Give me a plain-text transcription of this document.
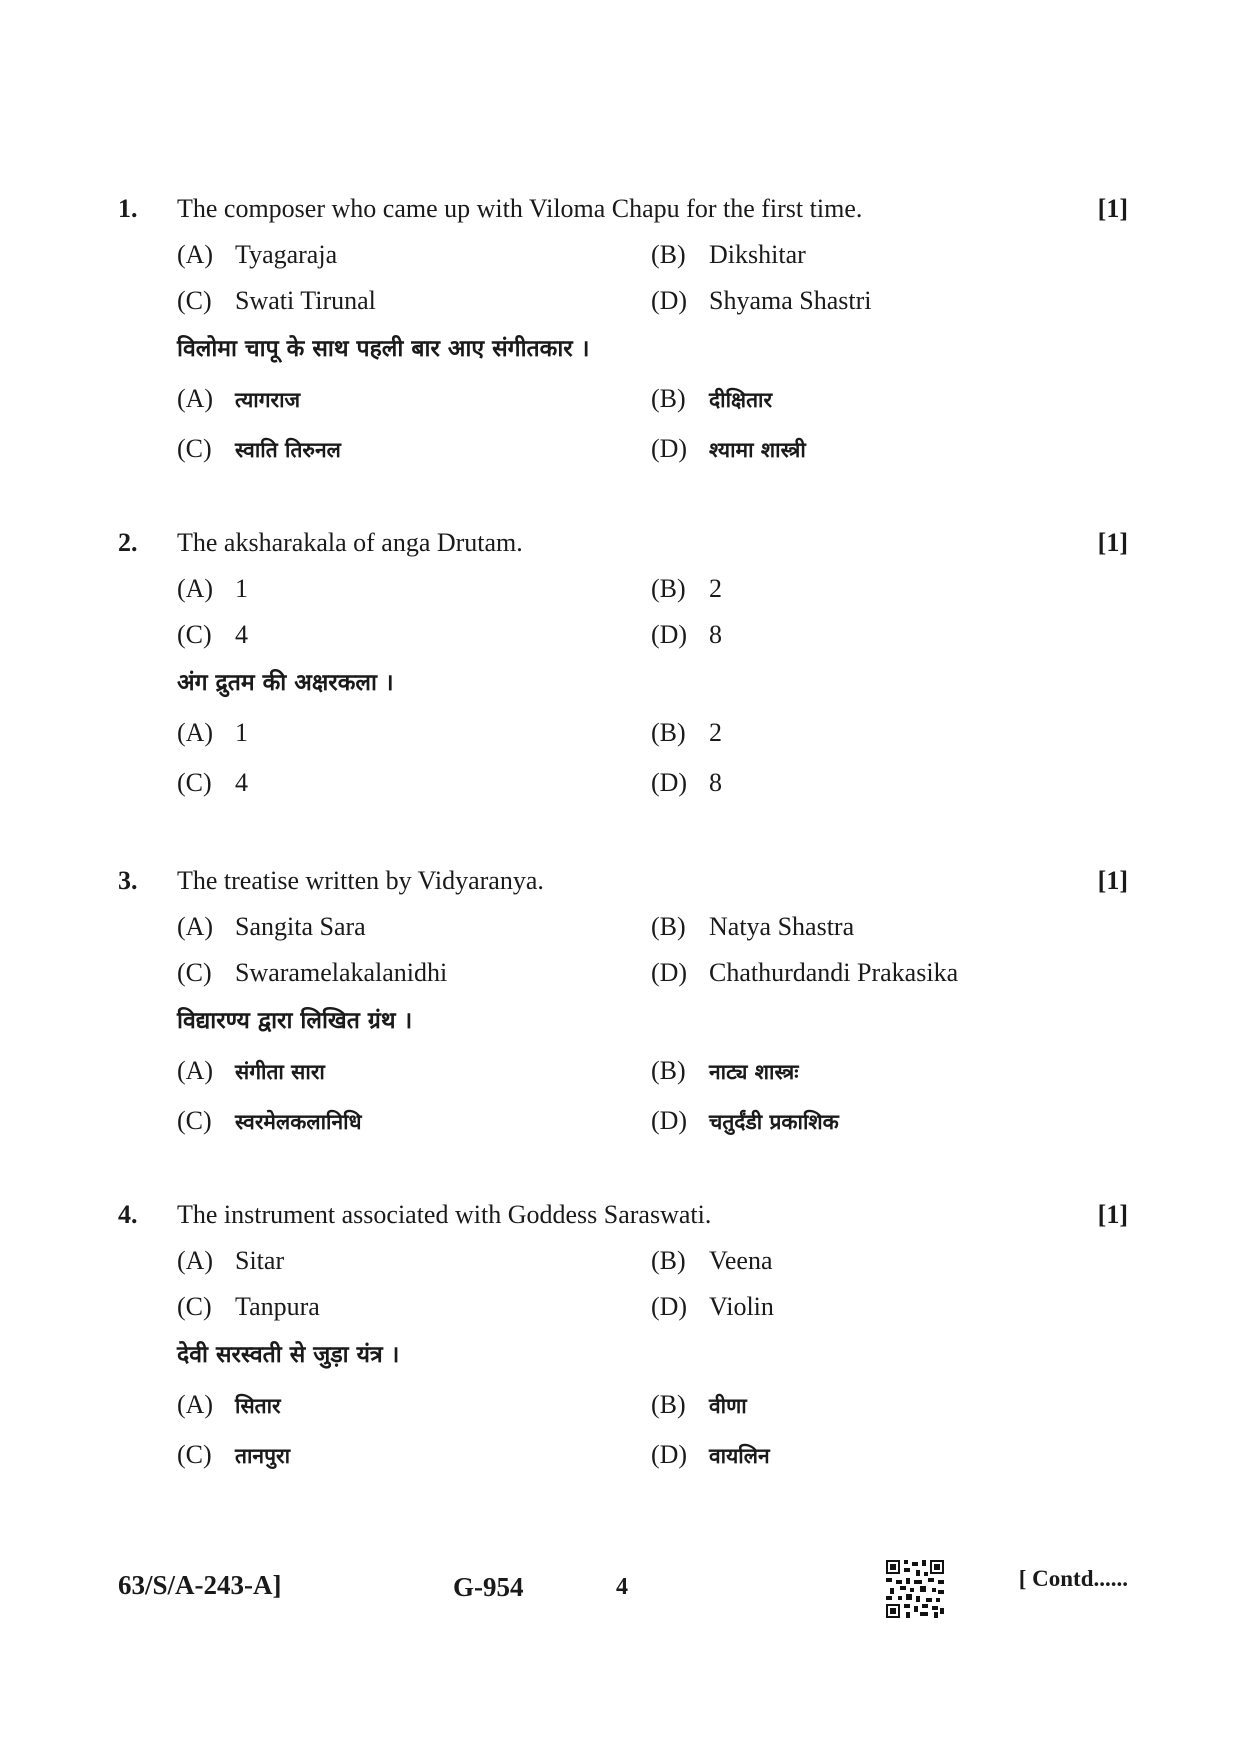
1. The composer who came up with Viloma Chapu for the first time.	[1]
(A) Tyagaraja	(B) Dikshitar
(C) Swati Tirunal	(D) Shyama Shastri
विलोमा चापू के साथ पहली बार आए संगीतकार ।
(A) त्यागराज	(B) दीक्षितार
(C) स्वाति तिरुनल	(D) श्यामा शास्त्री
2. The aksharakala of anga Drutam.	[1]
(A) 1	(B) 2
(C) 4	(D) 8
अंग द्रुतम की अक्षरकला ।
(A) 1	(B) 2
(C) 4	(D) 8
3. The treatise written by Vidyaranya.	[1]
(A) Sangita Sara	(B) Natya Shastra
(C) Swaramelakalanidhi	(D) Chathurdandi Prakasika
विद्यारण्य द्वारा लिखित ग्रंथ ।
(A) संगीता सारा	(B) नाट्य शास्त्रः
(C) स्वरमेलकलानिधि	(D) चतुर्दंडी प्रकाशिक
4. The instrument associated with Goddess Saraswati.	[1]
(A) Sitar	(B) Veena
(C) Tanpura	(D) Violin
देवी सरस्वती से जुड़ा यंत्र ।
(A) सितार	(B) वीणा
(C) तानपुरा	(D) वायलिन
63/S/A-243-A]	G-954	4	[ Contd......
